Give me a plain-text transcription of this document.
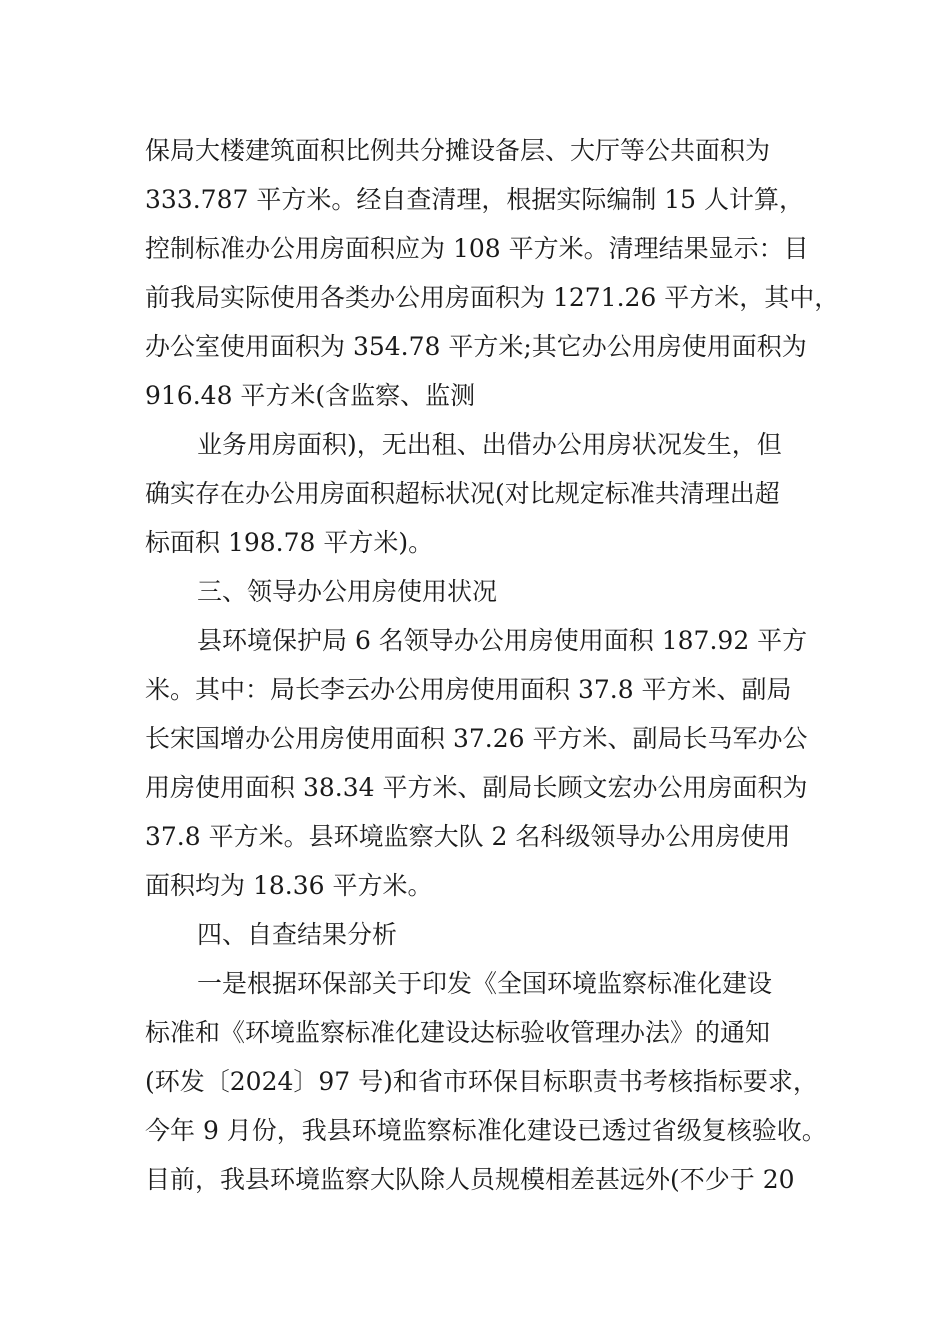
保局大楼建筑面积比例共分摊设备层、大厅等公共面积为
333.787 平方米。经自查清理，根据实际编制 15 人计算，
控制标准办公用房面积应为 108 平方米。清理结果显示：目
前我局实际使用各类办公用房面积为 1271.26 平方米，其中，
办公室使用面积为 354.78 平方米;其它办公用房使用面积为
916.48 平方米(含监察、监测
业务用房面积)，无出租、出借办公用房状况发生，但
确实存在办公用房面积超标状况(对比规定标准共清理出超
标面积 198.78 平方米)。
三、领导办公用房使用状况
县环境保护局 6 名领导办公用房使用面积 187.92 平方
米。其中：局长李云办公用房使用面积 37.8 平方米、副局
长宋国增办公用房使用面积 37.26 平方米、副局长马军办公
用房使用面积 38.34 平方米、副局长顾文宏办公用房面积为
37.8 平方米。县环境监察大队 2 名科级领导办公用房使用
面积均为 18.36 平方米。
四、自查结果分析
一是根据环保部关于印发《全国环境监察标准化建设
标准和《环境监察标准化建设达标验收管理办法》的通知
(环发〔2024〕97 号)和省市环保目标职责书考核指标要求，
今年 9 月份，我县环境监察标准化建设已透过省级复核验收。
目前，我县环境监察大队除人员规模相差甚远外(不少于 20
